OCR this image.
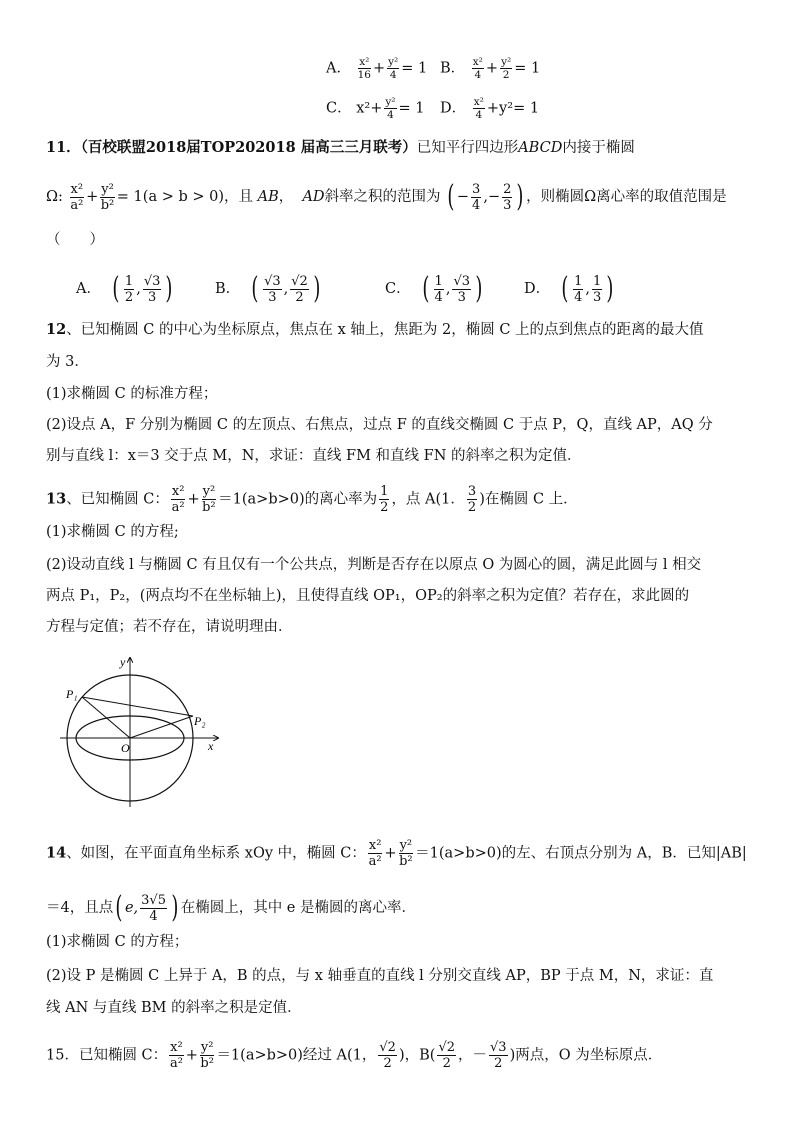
A． $\frac{\text{x²}}{16} + \frac{\text{y²}}{4} = 1$ B． $\frac{\text{x²}}{4} + \frac{\text{y²}}{2} = 1$
C． $x^2+ \frac{\text{y²}}{4} = 1$ D． $\frac{\text{x²}}{4} +y^2= 1$
11．（百校联盟2018届TOP202018 届高三三月联考）已知平行四边形ABCD内接于椭圆
Ω: $\frac{\text{x²}}{\text{a²}} + \frac{\text{y²}}{\text{b²}} = 1(a > b > 0)$，且 AB，  AD斜率之积的范围为 ( − $\frac{3}{4}$ ,− $\frac{2}{3}$ ) ，则椭圆Ω离心率的取值范围是
（　　）
A． ( $\frac{1}{2}$ , $\frac{√3}{3}$ )	B． ( $\frac{√3}{3}$ , $\frac{√2}{2}$ )	C． ( $\frac{1}{4}$ , $\frac{√3}{3}$ )	D． ( $\frac{1}{4}$ , $\frac{1}{3}$ )
12、已知椭圆 C 的中心为坐标原点，焦点在 x 轴上，焦距为 2，椭圆 C 上的点到焦点的距离的最大值
为 3．
(1)求椭圆 C 的标准方程；
(2)设点 A，F 分别为椭圆 C 的左顶点、右焦点，过点 F 的直线交椭圆 C 于点 P，Q，直线 AP，AQ 分
别与直线 l：x＝3 交于点 M，N，求证：直线 FM 和直线 FN 的斜率之积为定值．
13、已知椭圆 C： $\frac{\text{x²}}{\text{a²}} + \frac{\text{y²}}{\text{b²}} =1(a>b>0)$的离心率为 $\frac{1}{2}$ ，点 A(1． $\frac{3}{2}$ )在椭圆 C 上．
(1)求椭圆 C 的方程;
(2)设动直线 l 与椭圆 C 有且仅有一个公共点，判断是否存在以原点 O 为圆心的圆，满足此圆与 l 相交
两点 P₁，P₂，(两点均不在坐标轴上)，且使得直线 OP₁，OP₂的斜率之积为定值？若存在，求此圆的
方程与定值；若不存在，请说明理由．
y
x
O
P₁
P₂
14、如图，在平面直角坐标系 xOy 中，椭圆 C： $\frac{\text{x²}}{\text{a²}} + \frac{\text{y²}}{\text{b²}} =1(a>b>0)$的左、右顶点分别为 A，B．已知|AB|
＝4，且点( e, $\frac{3√5}{4}$ ) 在椭圆上，其中 e 是椭圆的离心率．
(1)求椭圆 C 的方程；
(2)设 P 是椭圆 C 上异于 A，B 的点，与 x 轴垂直的直线 l 分别交直线 AP，BP 于点 M，N，求证：直
线 AN 与直线 BM 的斜率之积是定值．
15．已知椭圆 C： $\frac{\text{x²}}{\text{a²}} + \frac{\text{y²}}{\text{b²}} =1(a>b>0)$经过 A(1， $\frac{√2}{2}$ )，$B( \frac{√2}{2}$ ，－ $\frac{√3}{2}$ )两点，O 为坐标原点．
